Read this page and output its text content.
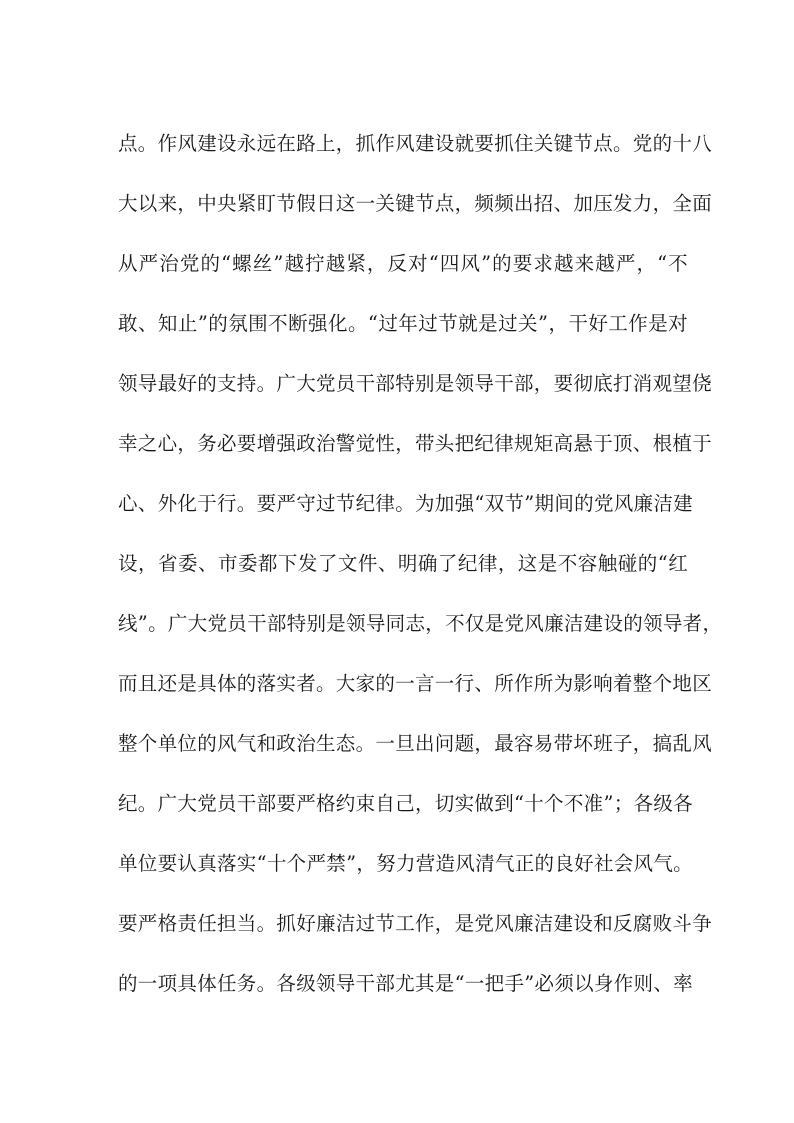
点。作风建设永远在路上，抓作风建设就要抓住关键节点。党的十八
大以来，中央紧盯节假日这一关键节点，频频出招、加压发力，全面
从严治党的“螺丝”越拧越紧，反对“四风”的要求越来越严，“不
敢、知止”的氛围不断强化。“过年过节就是过关”，干好工作是对
领导最好的支持。广大党员干部特别是领导干部，要彻底打消观望侥
幸之心，务必要增强政治警觉性，带头把纪律规矩高悬于顶、根植于
心、外化于行。要严守过节纪律。为加强“双节”期间的党风廉洁建
设，省委、市委都下发了文件、明确了纪律，这是不容触碰的“红
线”。广大党员干部特别是领导同志，不仅是党风廉洁建设的领导者，
而且还是具体的落实者。大家的一言一行、所作所为影响着整个地区
整个单位的风气和政治生态。一旦出问题，最容易带坏班子，搞乱风
纪。广大党员干部要严格约束自己，切实做到“十个不准”；各级各
单位要认真落实“十个严禁”，努力营造风清气正的良好社会风气。
要严格责任担当。抓好廉洁过节工作，是党风廉洁建设和反腐败斗争
的一项具体任务。各级领导干部尤其是“一把手”必须以身作则、率
